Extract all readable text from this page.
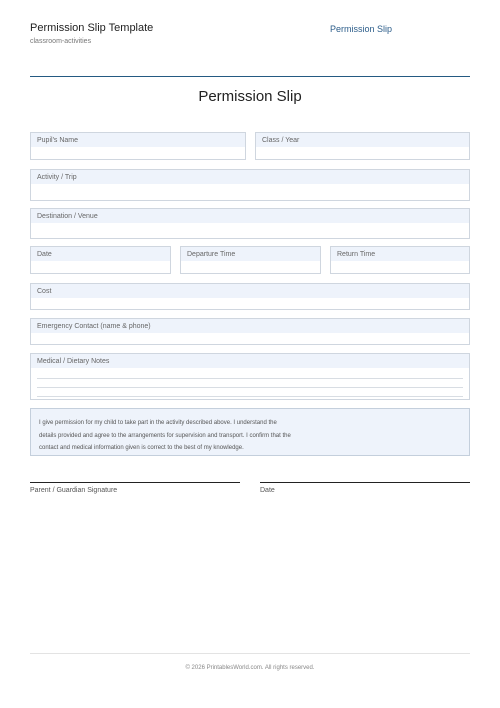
Permission Slip Template
classroom-activities
Permission Slip
Permission Slip
Pupil's Name	Class / Year
Activity / Trip
Destination / Venue
Date	Departure Time	Return Time
Cost
Emergency Contact (name & phone)
Medical / Dietary Notes
I give permission for my child to take part in the activity described above. I understand the
details provided and agree to the arrangements for supervision and transport. I confirm that the
contact and medical information given is correct to the best of my knowledge.
Parent / Guardian Signature	Date
© 2026 PrintablesWorld.com. All rights reserved.
